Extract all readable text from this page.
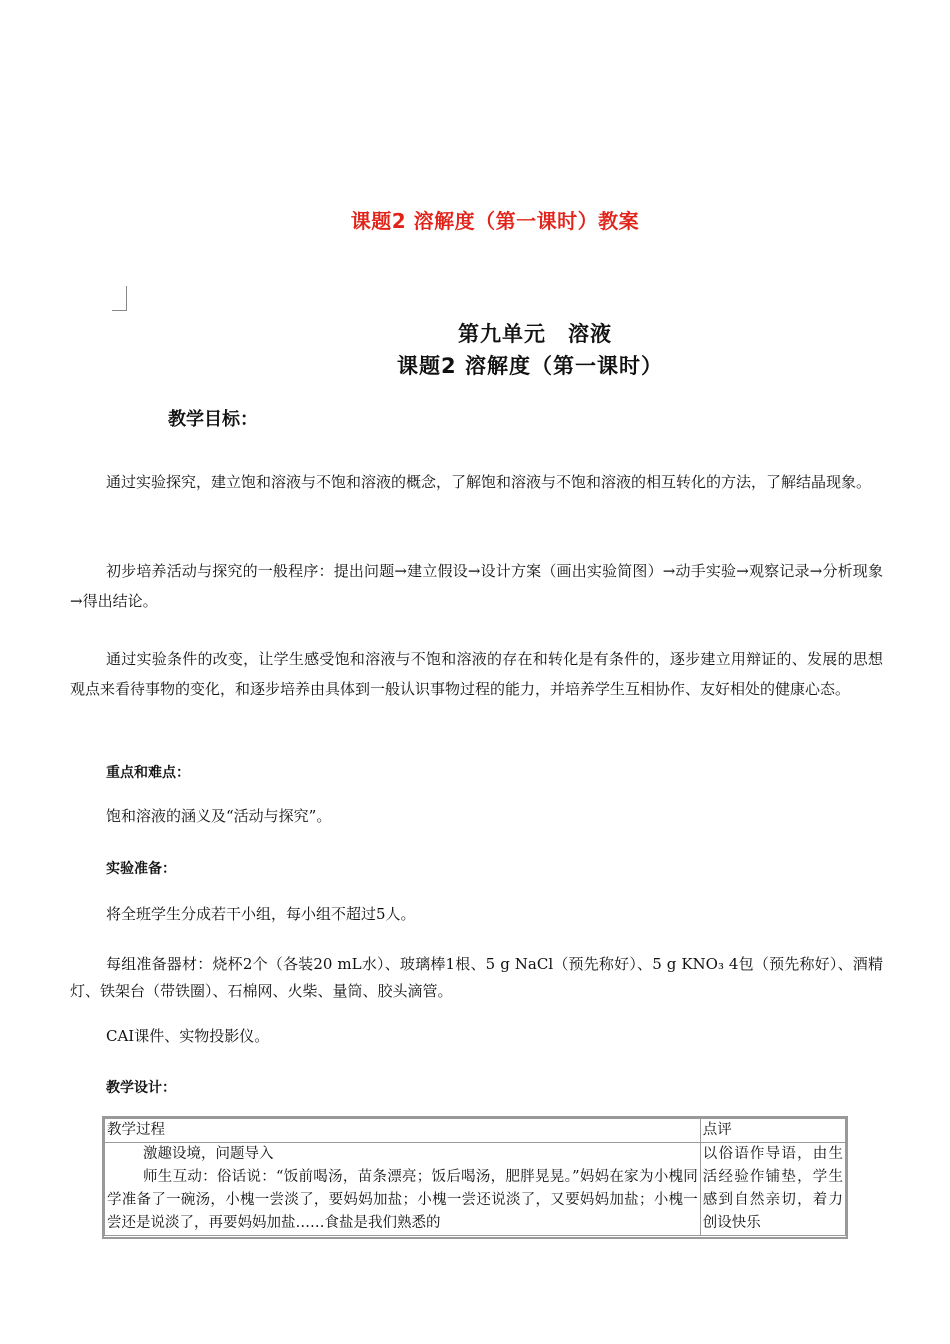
课题2 溶解度（第一课时）教案
第九单元　溶液
课题2 溶解度（第一课时）
教学目标：
通过实验探究，建立饱和溶液与不饱和溶液的概念，了解饱和溶液与不饱和溶液的相互转化的方法，了解结晶现象。
初步培养活动与探究的一般程序：提出问题→建立假设→设计方案（画出实验简图）→动手实验→观察记录→分析现象→得出结论。
通过实验条件的改变，让学生感受饱和溶液与不饱和溶液的存在和转化是有条件的，逐步建立用辩证的、发展的思想观点来看待事物的变化，和逐步培养由具体到一般认识事物过程的能力，并培养学生互相协作、友好相处的健康心态。
重点和难点：
饱和溶液的涵义及“活动与探究”。
实验准备：
将全班学生分成若干小组，每小组不超过5人。
每组准备器材：烧杯2个（各装20 mL水）、玻璃棒1根、5 g NaCl（预先称好）、5 g KNO₃ 4包（预先称好）、酒精灯、铁架台（带铁圈）、石棉网、火柴、量筒、胶头滴管。
CAI课件、实物投影仪。
教学设计：
教学过程	点评

激趣设境，问题导入
师生互动：俗话说：“饭前喝汤，苗条漂亮；饭后喝汤，肥胖晃晃。”妈妈在家为小槐同学准备了一碗汤，小槐一尝淡了，要妈妈加盐；小槐一尝还说淡了，又要妈妈加盐；小槐一尝还是说淡了，再要妈妈加盐……食盐是我们熟悉的	以俗语作导语，由生活经验作铺垫，学生感到自然亲切，着力创设快乐
